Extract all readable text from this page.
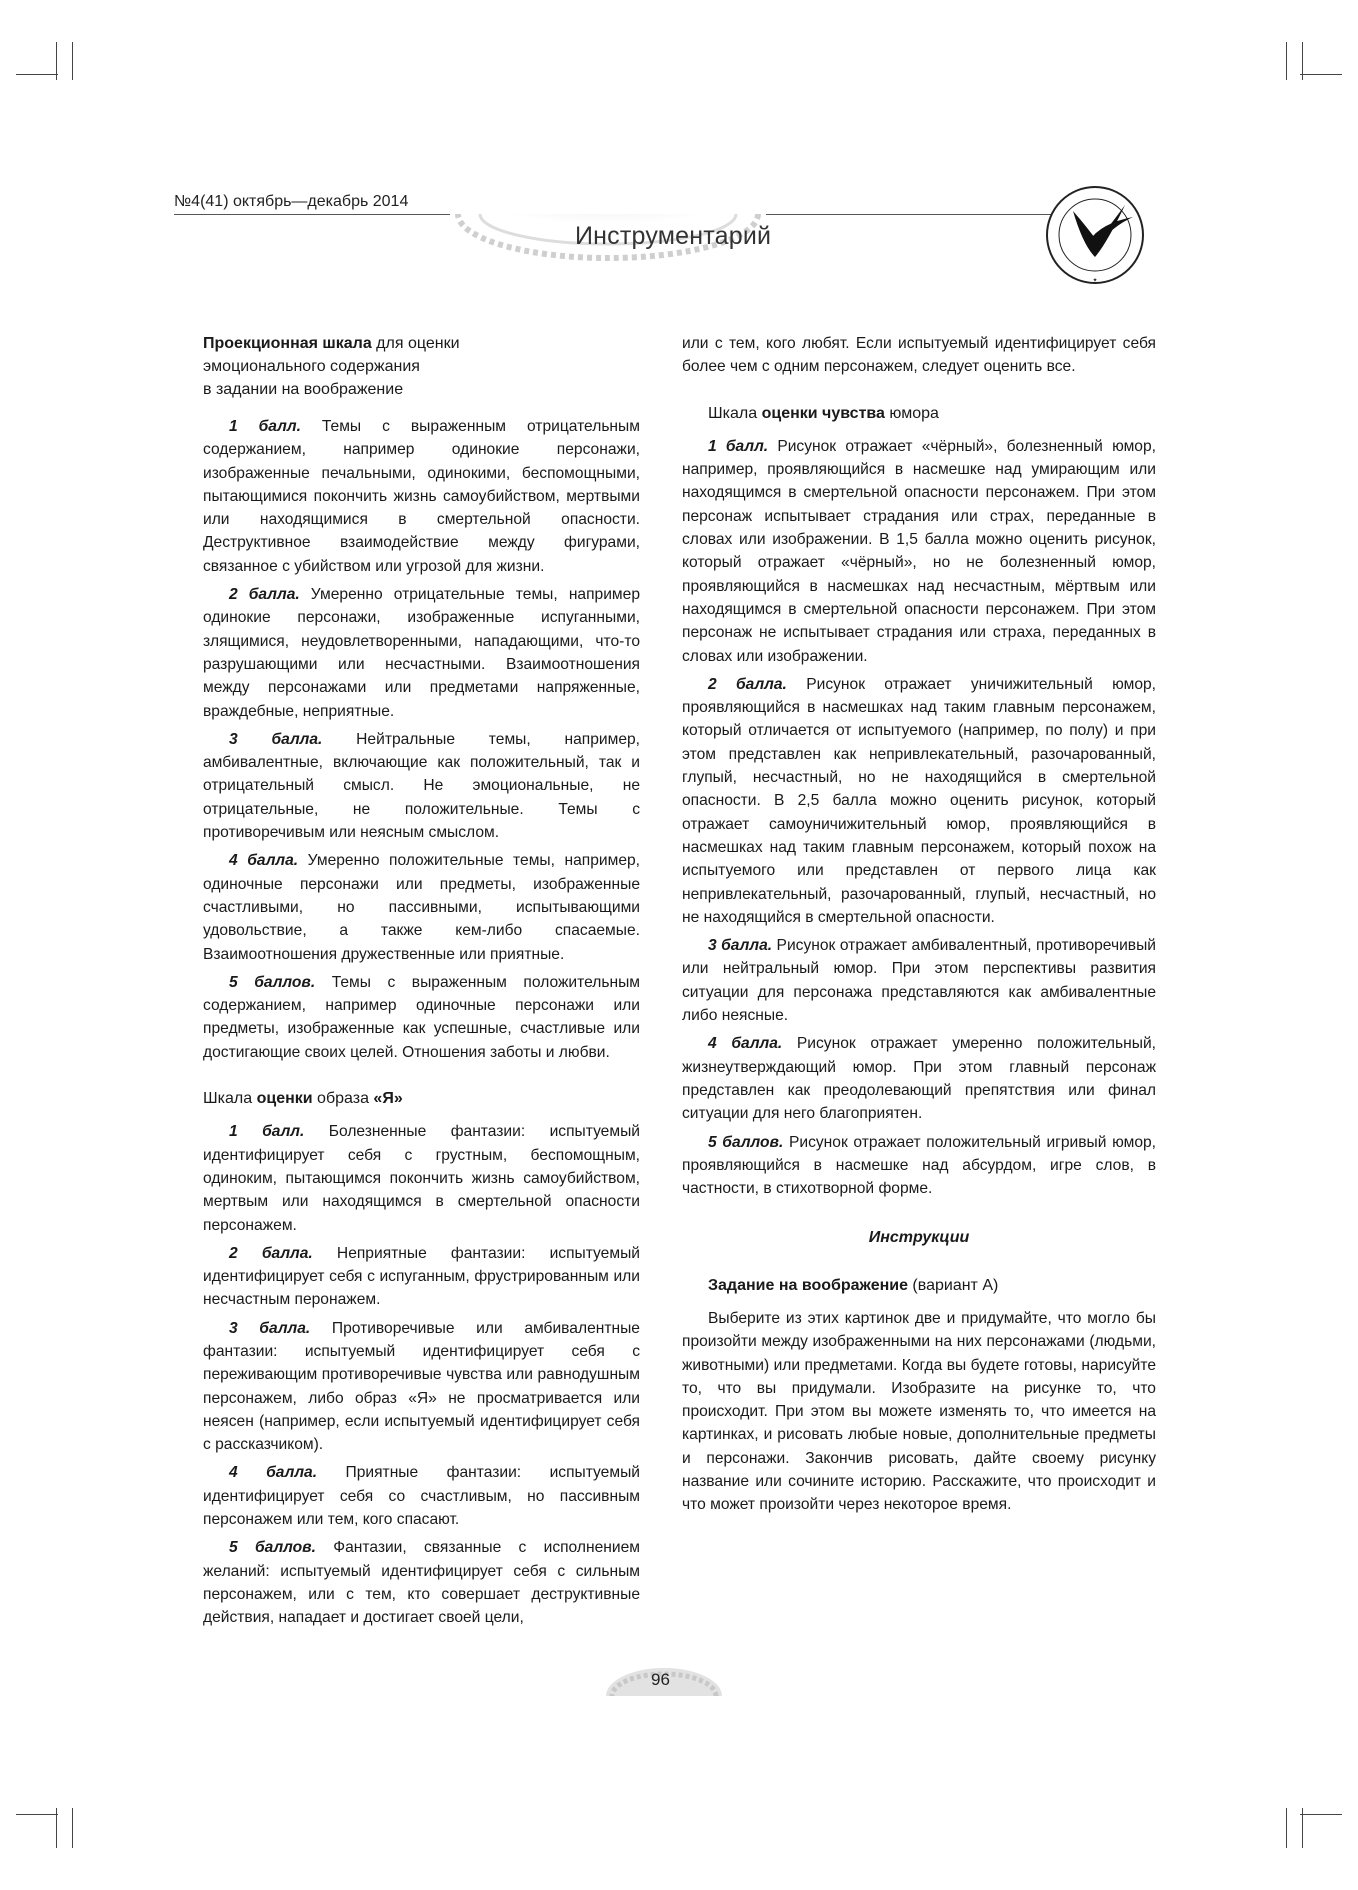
№4(41) октябрь—декабрь 2014
Инструментарий
✦
Проекционная шкала для оценки
эмоционального содержания
в задании на воображение

1 балл. Темы с выраженным отрицательным содержанием, например одинокие персонажи, изображенные печальными, одинокими, беспомощными, пытающимися покончить жизнь самоубийством, мертвыми или находящимися в смертельной опасности. Деструктивное взаимодействие между фигурами, связанное с убийством или угрозой для жизни.

2 балла. Умеренно отрицательные темы, например одинокие персонажи, изображенные испуганными, злящимися, неудовлетворенными, нападающими, что-то разрушающими или несчастными. Взаимоотношения между персонажами или предметами напряженные, враждебные, неприятные.

3 балла. Нейтральные темы, например, амбивалентные, включающие как положительный, так и отрицательный смысл. Не эмоциональные, не отрицательные, не положительные. Темы с противоречивым или неясным смыслом.

4 балла. Умеренно положительные темы, например, одиночные персонажи или предметы, изображенные счастливыми, но пассивными, испытывающими удовольствие, а также кем-либо спасаемые. Взаимоотношения дружественные или приятные.

5 баллов. Темы с выраженным положительным содержанием, например одиночные персонажи или предметы, изображенные как успешные, счастливые или достигающие своих целей. Отношения заботы и любви.

Шкала оценки образа «Я»

1 балл. Болезненные фантазии: испытуемый идентифицирует себя с грустным, беспомощным, одиноким, пытающимся покончить жизнь самоубийством, мертвым или находящимся в смертельной опасности персонажем.

2 балла. Неприятные фантазии: испытуемый идентифицирует себя с испуганным, фрустрированным или несчастным перонажем.

3 балла. Противоречивые или амбивалентные фантазии: испытуемый идентифицирует себя с переживающим противоречивые чувства или равнодушным персонажем, либо образ «Я» не просматривается или неясен (например, если испытуемый идентифицирует себя с рассказчиком).

4 балла. Приятные фантазии: испытуемый идентифицирует себя со счастливым, но пассивным персонажем или тем, кого спасают.

5 баллов. Фантазии, связанные с исполнением желаний: испытуемый идентифицирует себя с сильным персонажем, или с тем, кто совершает деструктивные действия, нападает и достигает своей цели,

или с тем, кого любят. Если испытуемый идентифицирует себя более чем с одним персонажем, следует оценить все.

Шкала оценки чувства юмора

1 балл. Рисунок отражает «чёрный», болезненный юмор, например, проявляющийся в насмешке над умирающим или находящимся в смертельной опасности персонажем. При этом персонаж испытывает страдания или страх, переданные в словах или изображении. В 1,5 балла можно оценить рисунок, который отражает «чёрный», но не болезненный юмор, проявляющийся в насмешках над несчастным, мёртвым или находящимся в смертельной опасности персонажем. При этом персонаж не испытывает страдания или страха, переданных в словах или изображении.

2 балла. Рисунок отражает уничижительный юмор, проявляющийся в насмешках над таким главным персонажем, который отличается от испытуемого (например, по полу) и при этом представлен как непривлекательный, разочарованный, глупый, несчастный, но не находящийся в смертельной опасности. В 2,5 балла можно оценить рисунок, который отражает самоуничижительный юмор, проявляющийся в насмешках над таким главным персонажем, который похож на испытуемого или представлен от первого лица как непривлекательный, разочарованный, глупый, несчастный, но не находящийся в смертельной опасности.

3 балла. Рисунок отражает амбивалентный, противоречивый или нейтральный юмор. При этом перспективы развития ситуации для персонажа представляются как амбивалентные либо неясные.

4 балла. Рисунок отражает умеренно положительный, жизнеутверждающий юмор. При этом главный персонаж представлен как преодолевающий препятствия или финал ситуации для него благоприятен.

5 баллов. Рисунок отражает положительный игривый юмор, проявляющийся в насмешке над абсурдом, игре слов, в частности, в стихотворной форме.

Инструкции
Задание на воображение (вариант А)

Выберите из этих картинок две и придумайте, что могло бы произойти между изображенными на них персонажами (людьми, животными) или предметами. Когда вы будете готовы, нарисуйте то, что вы придумали. Изобразите на рисунке то, что происходит. При этом вы можете изменять то, что имеется на картинках, и рисовать любые новые, дополнительные предметы и персонажи. Закончив рисовать, дайте своему рисунку название или сочините историю. Расскажите, что происходит и что может произойти через некоторое время.

96
